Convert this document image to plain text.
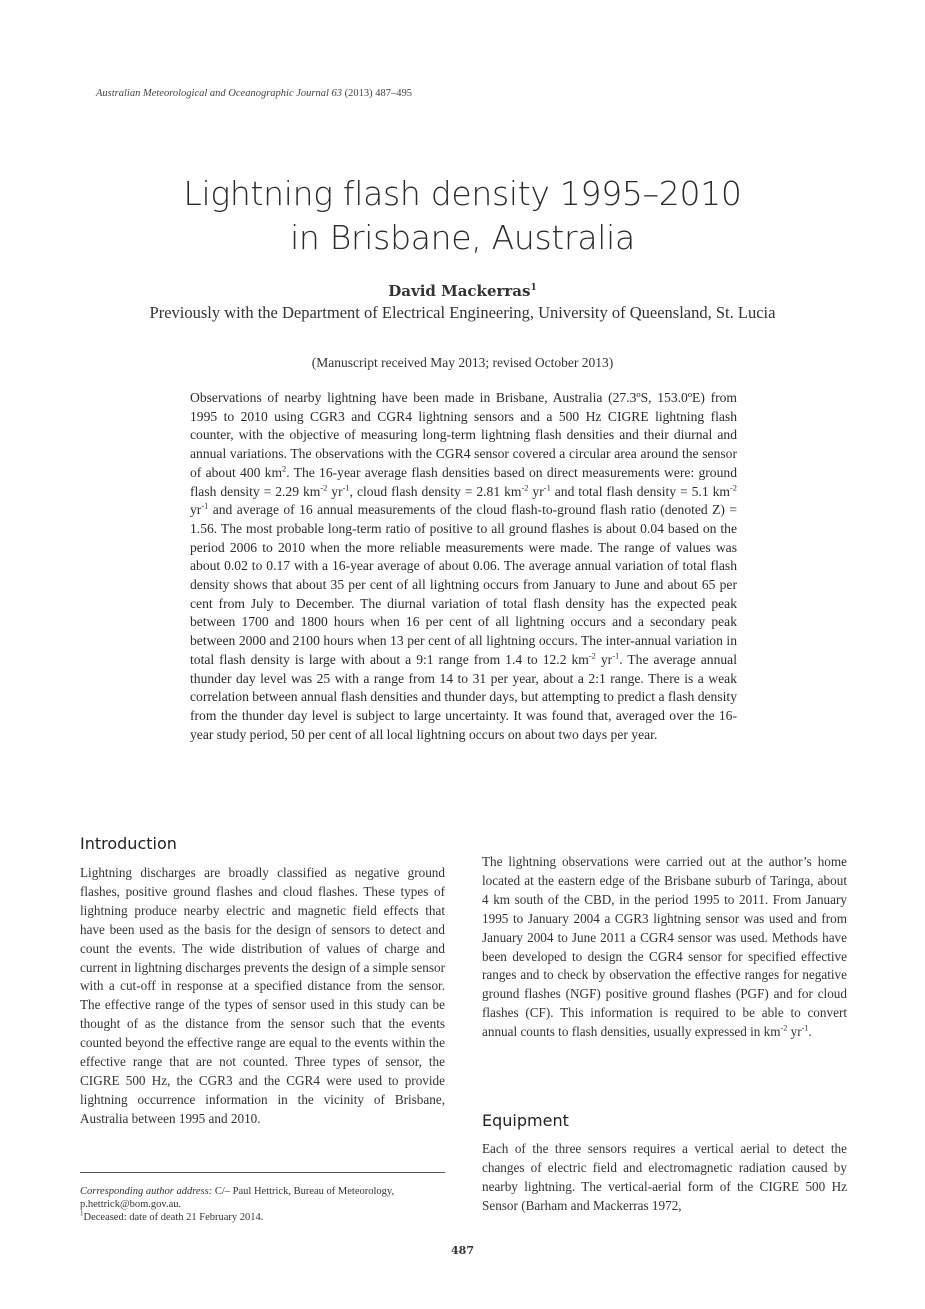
Australian Meteorological and Oceanographic Journal 63 (2013) 487–495
Lightning flash density 1995–2010
in Brisbane, Australia
David Mackerras$^1$
Previously with the Department of Electrical Engineering, University of Queensland, St. Lucia
(Manuscript received May 2013; revised October 2013)
Observations of nearby lightning have been made in Brisbane, Australia (27.3ºS, 153.0ºE) from 1995 to 2010 using CGR3 and CGR4 lightning sensors and a 500 Hz CIGRE lightning flash counter, with the objective of measuring long-term lightning flash densities and their diurnal and annual variations. The observations with the CGR4 sensor covered a circular area around the sensor of about 400 $km^2$. The 16-year average flash densities based on direct measurements were: ground flash density = 2.29 $km^{-2}$ $yr^{-1}$, cloud flash density = 2.81 $km^{-2}$ $yr^{-1}$ and total flash density = 5.1 $km^{-2}$ $yr^{-1}$ and average of 16 annual measurements of the cloud flash-to-ground flash ratio (denoted Z) = 1.56. The most probable long-term ratio of positive to all ground flashes is about 0.04 based on the period 2006 to 2010 when the more reliable measurements were made. The range of values was about 0.02 to 0.17 with a 16-year average of about 0.06. The average annual variation of total flash density shows that about 35 per cent of all lightning occurs from January to June and about 65 per cent from July to December. The diurnal variation of total flash density has the expected peak between 1700 and 1800 hours when 16 per cent of all lightning occurs and a secondary peak between 2000 and 2100 hours when 13 per cent of all lightning occurs. The inter-annual variation in total flash density is large with about a 9:1 range from 1.4 to 12.2 $km^{-2}$ $yr^{-1}$. The average annual thunder day level was 25 with a range from 14 to 31 per year, about a 2:1 range. There is a weak correlation between annual flash densities and thunder days, but attempting to predict a flash density from the thunder day level is subject to large uncertainty. It was found that, averaged over the 16-year study period, 50 per cent of all local lightning occurs on about two days per year.
Introduction
Lightning discharges are broadly classified as negative ground flashes, positive ground flashes and cloud flashes. These types of lightning produce nearby electric and magnetic field effects that have been used as the basis for the design of sensors to detect and count the events. The wide distribution of values of charge and current in lightning discharges prevents the design of a simple sensor with a cut-off in response at a specified distance from the sensor. The effective range of the types of sensor used in this study can be thought of as the distance from the sensor such that the events counted beyond the effective range are equal to the events within the effective range that are not counted. Three types of sensor, the CIGRE 500 Hz, the CGR3 and the CGR4 were used to provide lightning occurrence information in the vicinity of Brisbane, Australia between 1995 and 2010.
The lightning observations were carried out at the author’s home located at the eastern edge of the Brisbane suburb of Taringa, about 4 km south of the CBD, in the period 1995 to 2011. From January 1995 to January 2004 a CGR3 lightning sensor was used and from January 2004 to June 2011 a CGR4 sensor was used. Methods have been developed to design the CGR4 sensor for specified effective ranges and to check by observation the effective ranges for negative ground flashes (NGF) positive ground flashes (PGF) and for cloud flashes (CF). This information is required to be able to convert annual counts to flash densities, usually expressed in $km^{-2}$ $yr^{-1}$.
Equipment
Each of the three sensors requires a vertical aerial to detect the changes of electric field and electromagnetic radiation caused by nearby lightning. The vertical-aerial form of the CIGRE 500 Hz Sensor (Barham and Mackerras 1972,
Corresponding author address: C/– Paul Hettrick, Bureau of Meteorology,
p.hettrick@bom.gov.au.
$^1$Deceased: date of death 21 February 2014.
487
